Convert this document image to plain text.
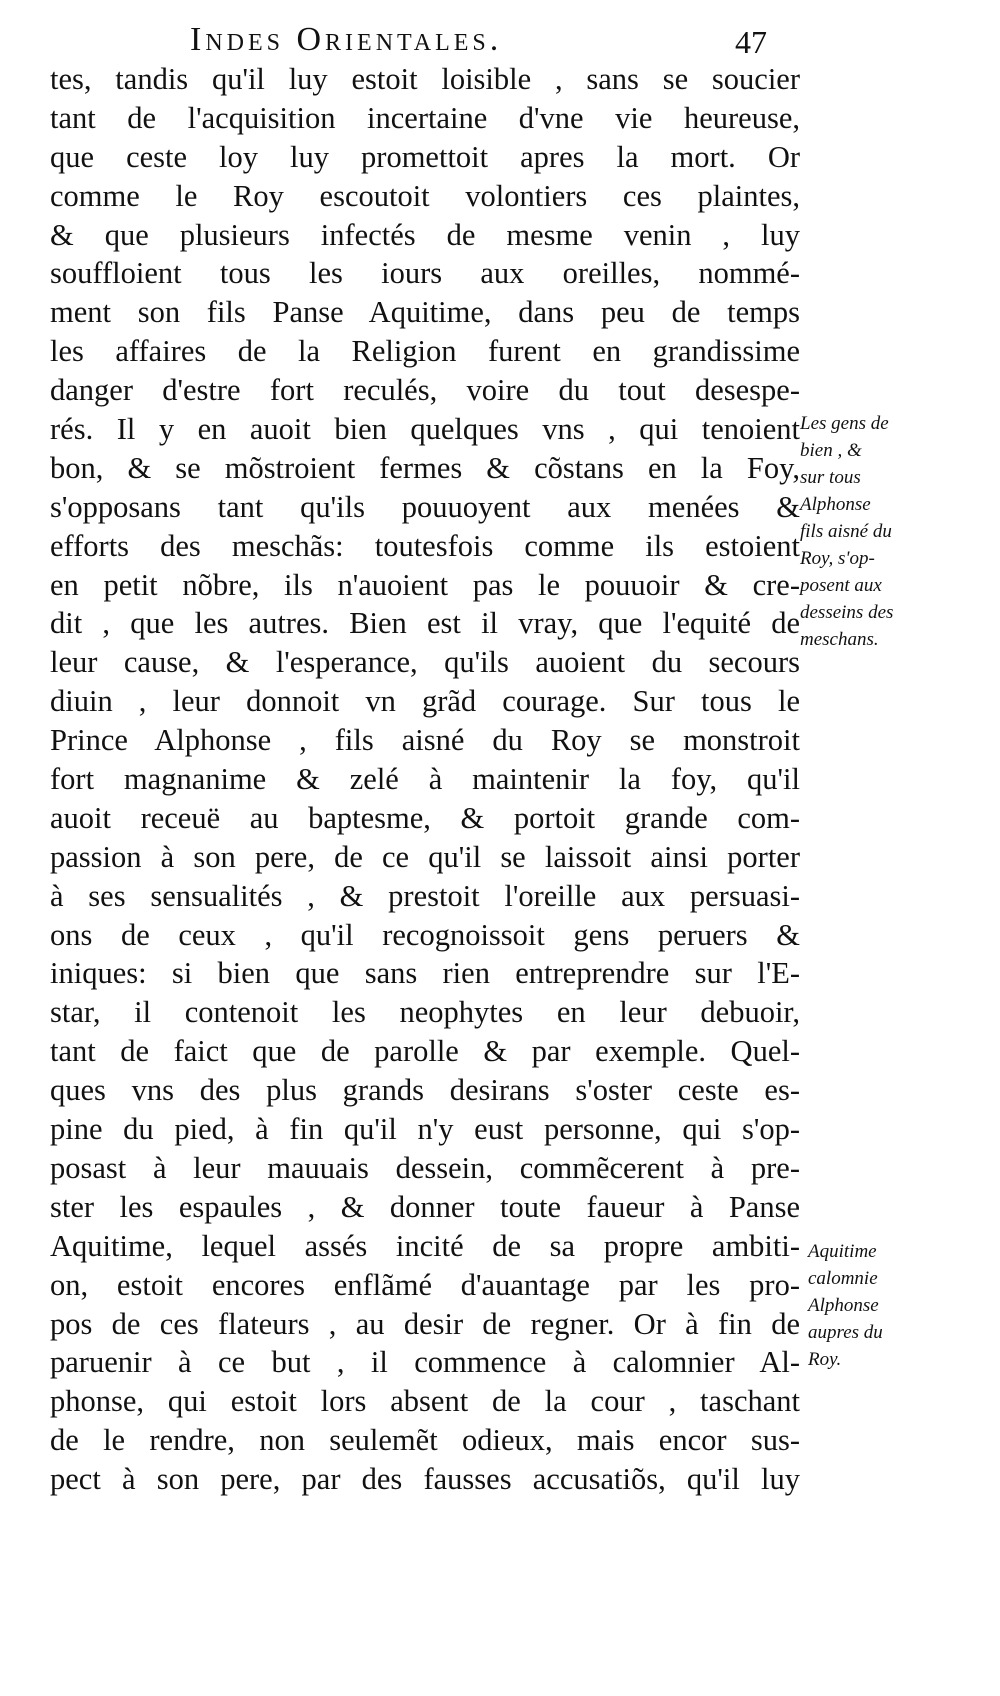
Indes Orientales.	47
tes, tandis qu'il luy estoit loisible , sans se soucier
tant de l'acquisition incertaine d'vne vie heureuse,
que ceste loy luy promettoit apres la mort. Or
comme le Roy escoutoit volontiers ces plaintes,
& que plusieurs infectés de mesme venin , luy
souffloient tous les iours aux oreilles, nommé-
ment son fils Panse Aquitime, dans peu de temps
les affaires de la Religion furent en grandissime
danger d'estre fort reculés, voire du tout desespe-
rés. Il y en auoit bien quelques vns , qui tenoient
bon, & se mõstroient fermes & cõstans en la Foy,
s'opposans tant qu'ils pouuoyent aux menées &
efforts des meschãs: toutesfois comme ils estoient
en petit nõbre, ils n'auoient pas le pouuoir & cre-
dit , que les autres. Bien est il vray, que l'equité de
leur cause, & l'esperance, qu'ils auoient du secours
diuin , leur donnoit vn grãd courage. Sur tous le
Prince Alphonse , fils aisné du Roy se monstroit
fort magnanime & zelé à maintenir la foy, qu'il
auoit receuë au baptesme, & portoit grande com-
passion à son pere, de ce qu'il se laissoit ainsi porter
à ses sensualités , & prestoit l'oreille aux persuasi-
ons de ceux , qu'il recognoissoit gens peruers &
iniques: si bien que sans rien entreprendre sur l'E-
star, il contenoit les neophytes en leur debuoir,
tant de faict que de parolle & par exemple. Quel-
ques vns des plus grands desirans s'oster ceste es-
pine du pied, à fin qu'il n'y eust personne, qui s'op-
posast à leur mauuais dessein, commẽcerent à pre-
ster les espaules , & donner toute faueur à Panse
Aquitime, lequel assés incité de sa propre ambiti-
on, estoit encores enflãmé d'auantage par les pro-
pos de ces flateurs , au desir de regner. Or à fin de
paruenir à ce but , il commence à calomnier Al-
phonse, qui estoit lors absent de la cour , taschant
de le rendre, non seulemẽt odieux, mais encor sus-
pect à son pere, par des fausses accusatiõs, qu'il luy
Les gens de
bien , &
sur tous
Alphonse
fils aisné du
Roy, s'op-
posent aux
desseins des
meschans.
Aquitime
calomnie
Alphonse
aupres du
Roy.
